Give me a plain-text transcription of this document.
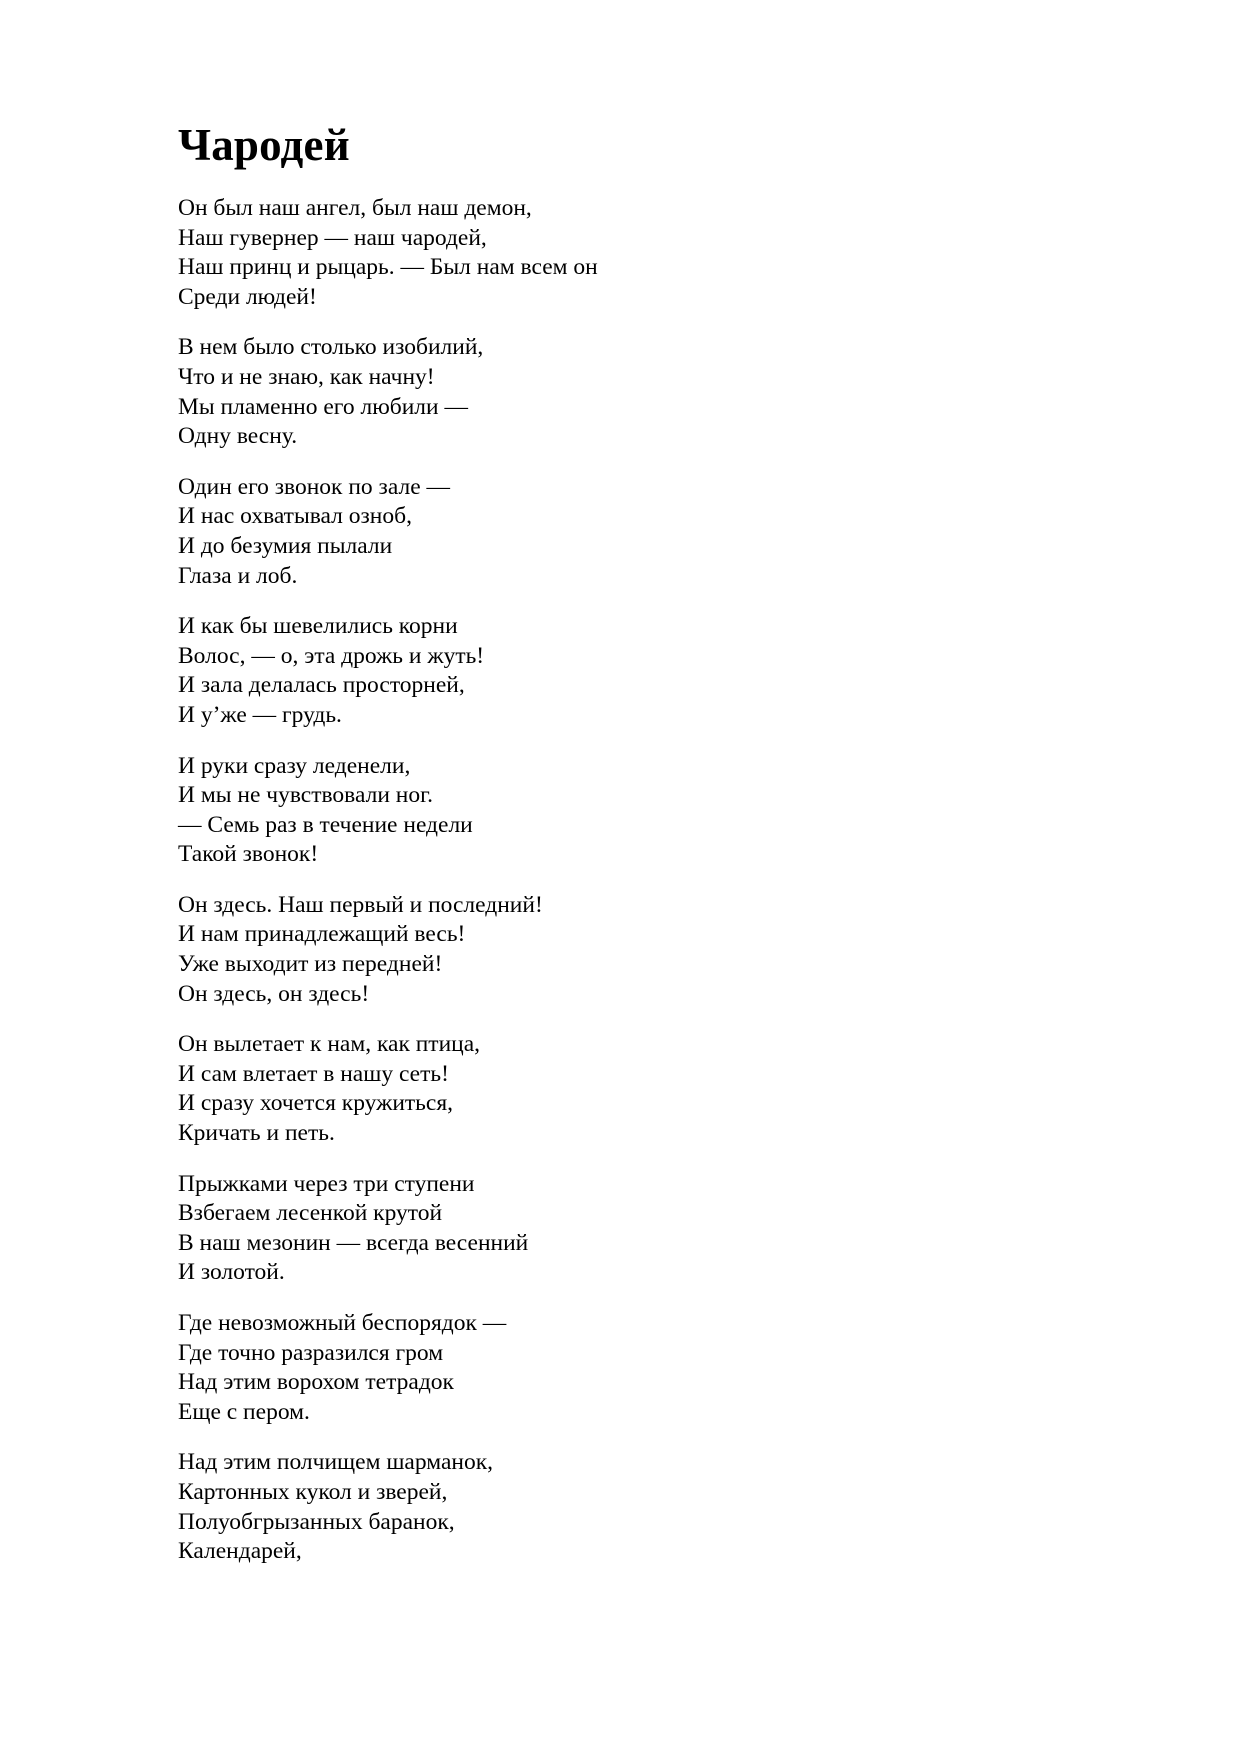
Чародей
Он был наш ангел, был наш демон,
Наш гувернер — наш чародей,
Наш принц и рыцарь. — Был нам всем он
Среди людей!
В нем было столько изобилий,
Что и не знаю, как начну!
Мы пламенно его любили —
Одну весну.
Один его звонок по зале —
И нас охватывал озноб,
И до безумия пылали
Глаза и лоб.
И как бы шевелились корни
Волос, — о, эта дрожь и жуть!
И зала делалась просторней,
И у’же — грудь.
И руки сразу леденели,
И мы не чувствовали ног.
— Семь раз в течение недели
Такой звонок!
Он здесь. Наш первый и последний!
И нам принадлежащий весь!
Уже выходит из передней!
Он здесь, он здесь!
Он вылетает к нам, как птица,
И сам влетает в нашу сеть!
И сразу хочется кружиться,
Кричать и петь.
Прыжками через три ступени
Взбегаем лесенкой крутой
В наш мезонин — всегда весенний
И золотой.
Где невозможный беспорядок —
Где точно разразился гром
Над этим ворохом тетрадок
Еще с пером.
Над этим полчищем шарманок,
Картонных кукол и зверей,
Полуобгрызанных баранок,
Календарей,
